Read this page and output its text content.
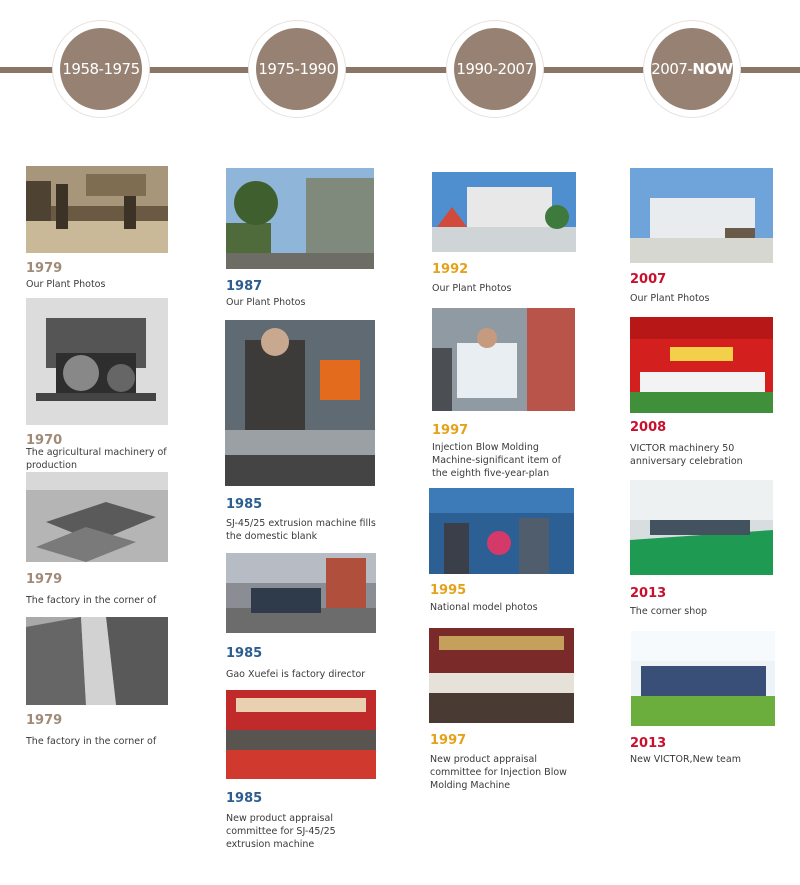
1958-1975	1975-1990	1990-2007	2007- NOW
1979
Our Plant Photos
1970
The agricultural machinery of production
1979
The factory in the corner of
1979
The factory in the corner of
1987
Our Plant Photos
1985
SJ-45/25 extrusion machine fills the domestic blank
1985
Gao Xuefei is factory director
1985
New product appraisal committee for SJ-45/25 extrusion machine
1992
Our Plant Photos
1997
Injection Blow Molding Machine-significant item of the eighth five-year-plan
1995
National model photos
1997
New product appraisal committee for Injection Blow Molding Machine
2007
Our Plant Photos
2008
VICTOR machinery 50 anniversary celebration
2013
The corner shop
2013
New VICTOR,New team
